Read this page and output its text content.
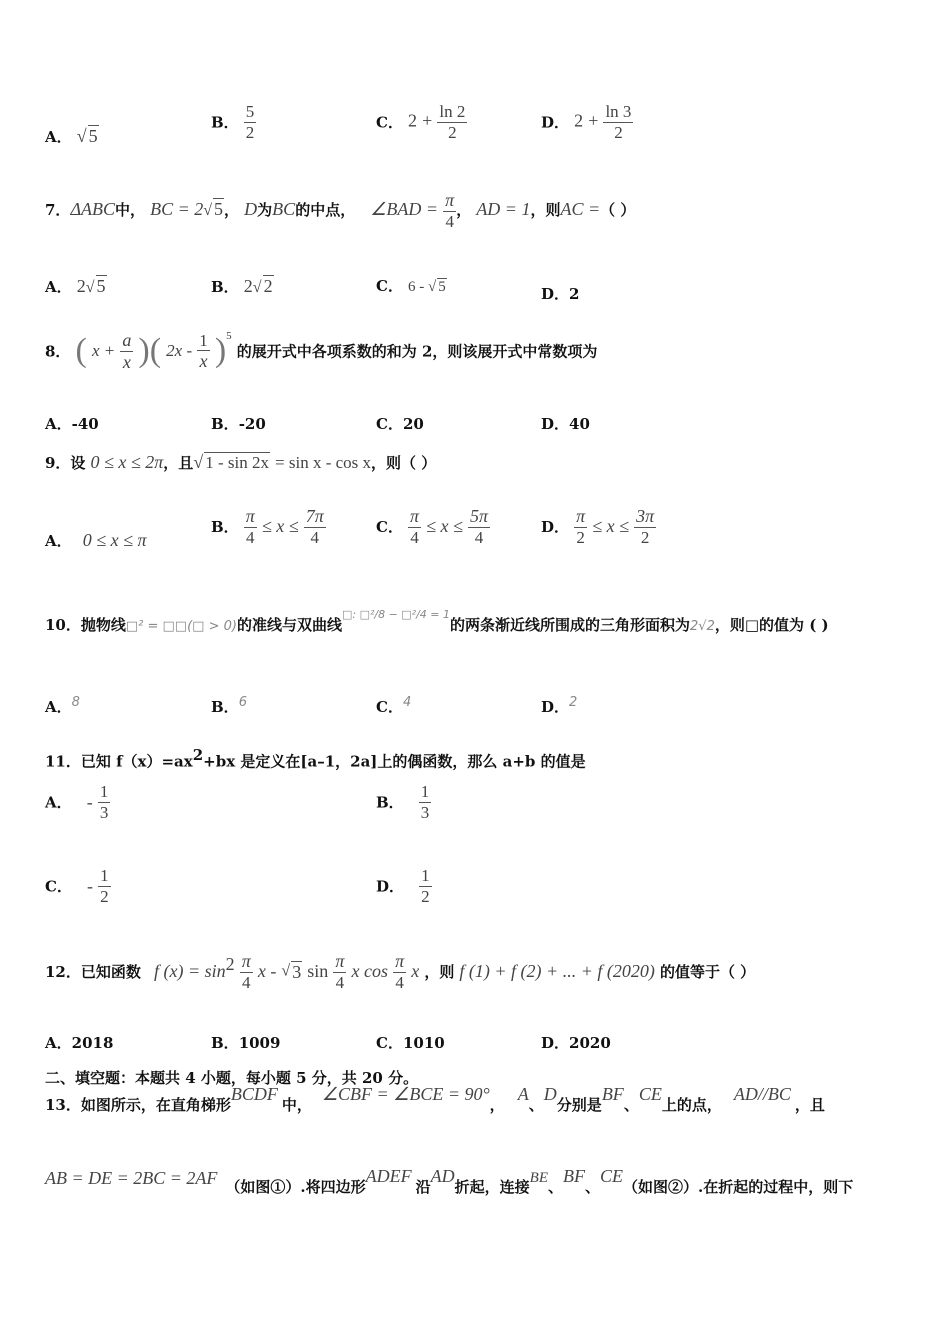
A． √ 5
B． $\frac{5}{2}$	C． $2 + \frac{\ln 2}{2}$	D． $2 + \frac{\ln 3}{2}$
7．ΔABC中， BC = 2√ 5， D为BC的中点， ∠BAD = $\frac{\pi}{4}$ ， AD = 1，则AC =（ ）
A． 2√ 5	B． 2√ 2	C． 6 - √ 5	D．2
8． ( $x + \frac{a}{x}$ )( $2x - \frac{1}{x} )^5$ 的展开式中各项系数的和为 2，则该展开式中常数项为
A．-40	B．-20	C．20	D．40
9．设 0 ≤ x ≤ 2π，且√ 1 - sin 2x = sin x - cos x，则（ ）
A． 0 ≤ x ≤ π
B． $\frac{\pi}{4} \le x \le \frac{7\pi}{4}$	C． $\frac{\pi}{4} \le x \le \frac{5\pi}{4}$	D． $\frac{\pi}{2} \le x \le \frac{3\pi}{2}$
10．抛物线□² = □□(□ > 0)的准线与双曲线$^{□: □^2/8 - □^2/4 = 1}$的两条渐近线所围成的三角形面积为2√2，则□的值为 ( )
A．8	B．6	C．4	D．2
11．已知 $f(x)=ax^2+bx$ 是定义在[a–1，2a]上的偶函数，那么 a+b 的值是
A． - $\frac{1}{3}$	B． $\frac{1}{3}$
C． - $\frac{1}{2}$	D． $\frac{1}{2}$
12．已知函数 f $(x) = \sin^2 \frac{\pi}{4}$ x - √ 3 $\sin \frac{\pi}{4}$ x $\cos \frac{\pi}{4}$ x ，则 f (1) + f (2) + ... + f (2020) 的值等于（ ）
A．2018	B．1009	C．1010	D．2020
二、填空题：本题共 4 小题，每小题 5 分，共 20 分。
13．如图所示，在直角梯形BCDF中，∠CBF = ∠BCE = 90°， A、D分别是BF、CE上的点，AD//BC，且
AB = DE = 2BC = 2AF （如图①）.将四边形ADEF沿AD折起，连接BE、BF、CE（如图②）.在折起的过程中，则下
